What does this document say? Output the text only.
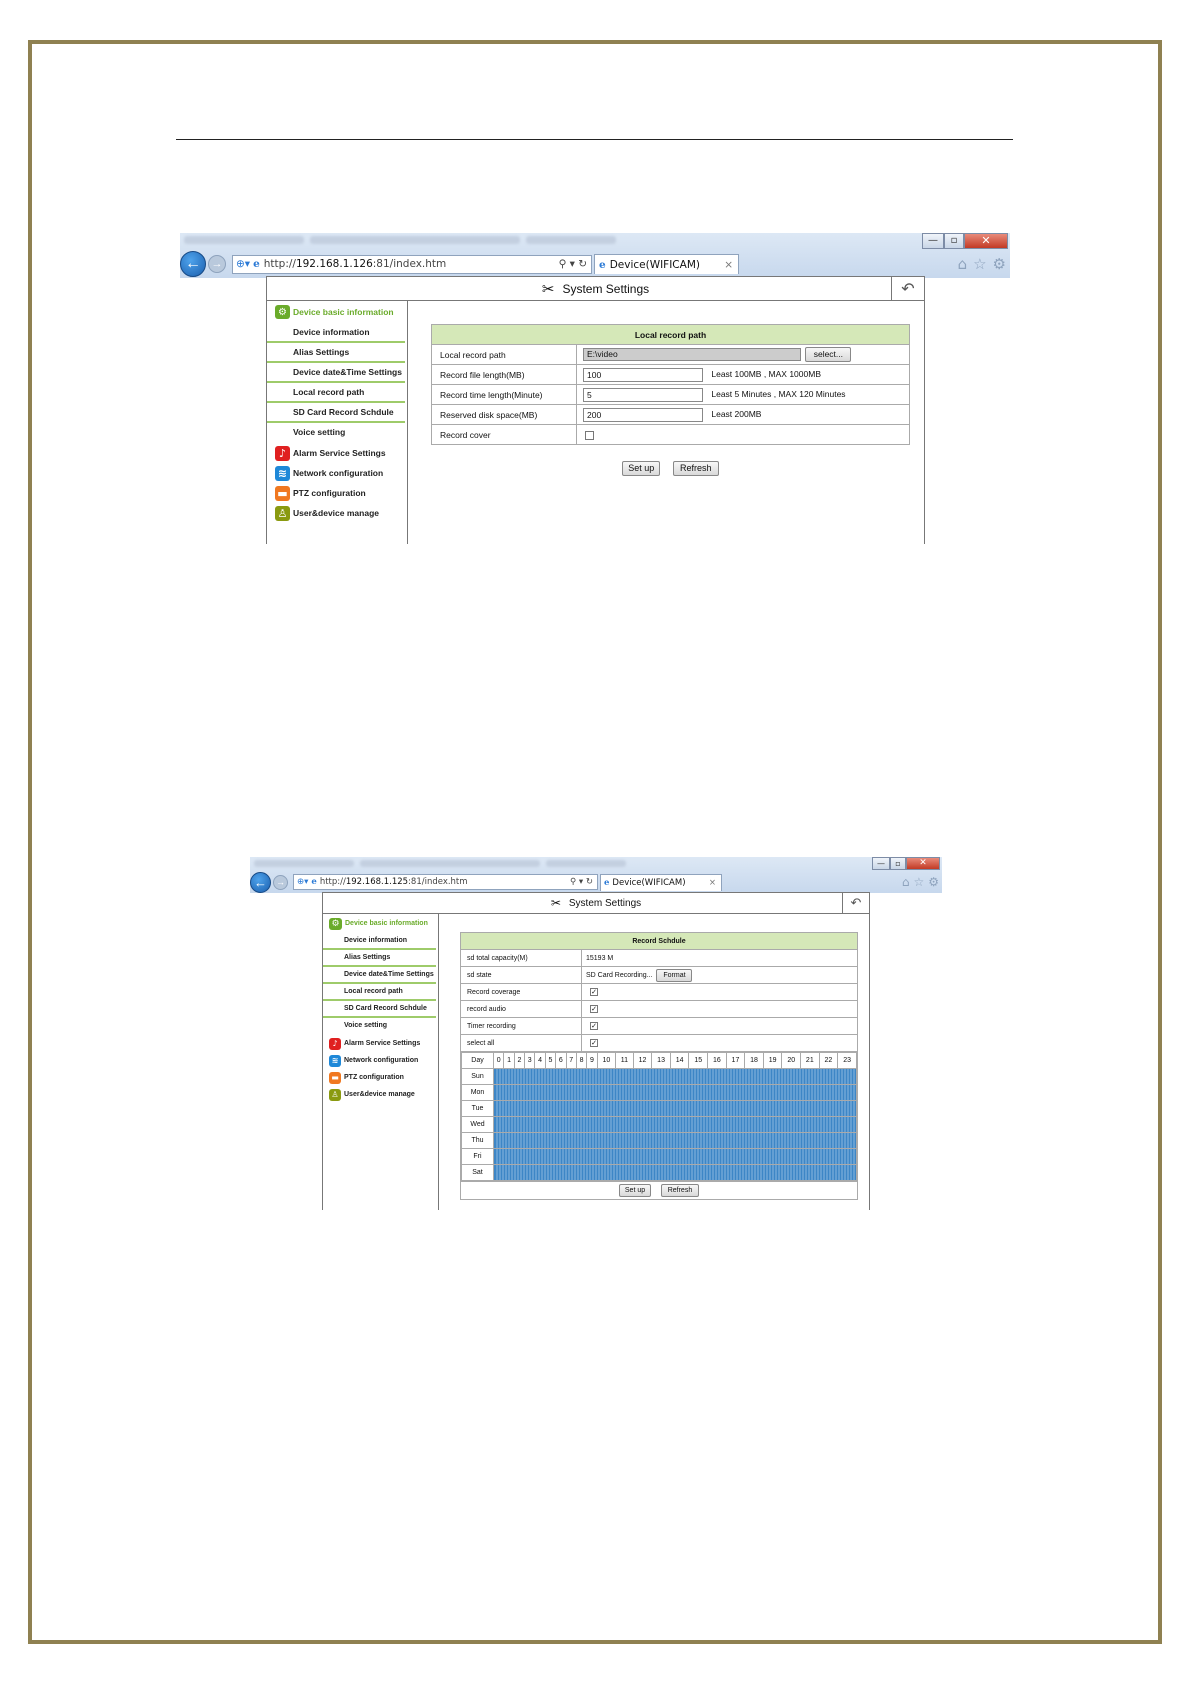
—	▫	✕
← →	⊕▾ e http:// 192.168.1.126 :81/index.htm	⚲ ▾ ↻	e Device(WIFICAM) ×	⌂ ☆ ⚙
✂ System Settings	↶
⚙ Device basic information
Device information
Alias Settings
Device date&Time Settings
Local record path
SD Card Record Schdule
Voice setting
♪ Alarm Service Settings
≋ Network configuration
▬ PTZ configuration
♙ User&device manage
Local record path	
Local record path	E:\video select...
Record file length(MB)	100 Least 100MB , MAX 1000MB
Record time length(Minute)	5 Least 5 Minutes , MAX 120 Minutes
Reserved disk space(MB)	200 Least 200MB
Record cover	
Set up	Refresh
—	▫	✕
←	→	⊕▾ e http:// 192.168.1.125 :81/index.htm	⚲ ▾ ↻	e Device(WIFICAM)	×	⌂ ☆ ⚙
✂ System Settings	↶
⚙ Device basic information
Device information
Alias Settings
Device date&Time Settings
Local record path
SD Card Record Schdule
Voice setting
♪ Alarm Service Settings
≋ Network configuration
▬ PTZ configuration
♙ User&device manage
Record Schdule
sd total capacity(M)	15193 M
sd state	SD Card Recording... Format
Record coverage	✓
record audio	✓
Timer recording	✓
select all	✓

Day	0	1	2	3	4	5	6	7	8	9	10	11	12	13	14	15	16	17	18	19	20	21	22	23
Sun	
Mon	
Tue	
Wed	
Thu	
Fri	
Sat	

Set up	Refresh
